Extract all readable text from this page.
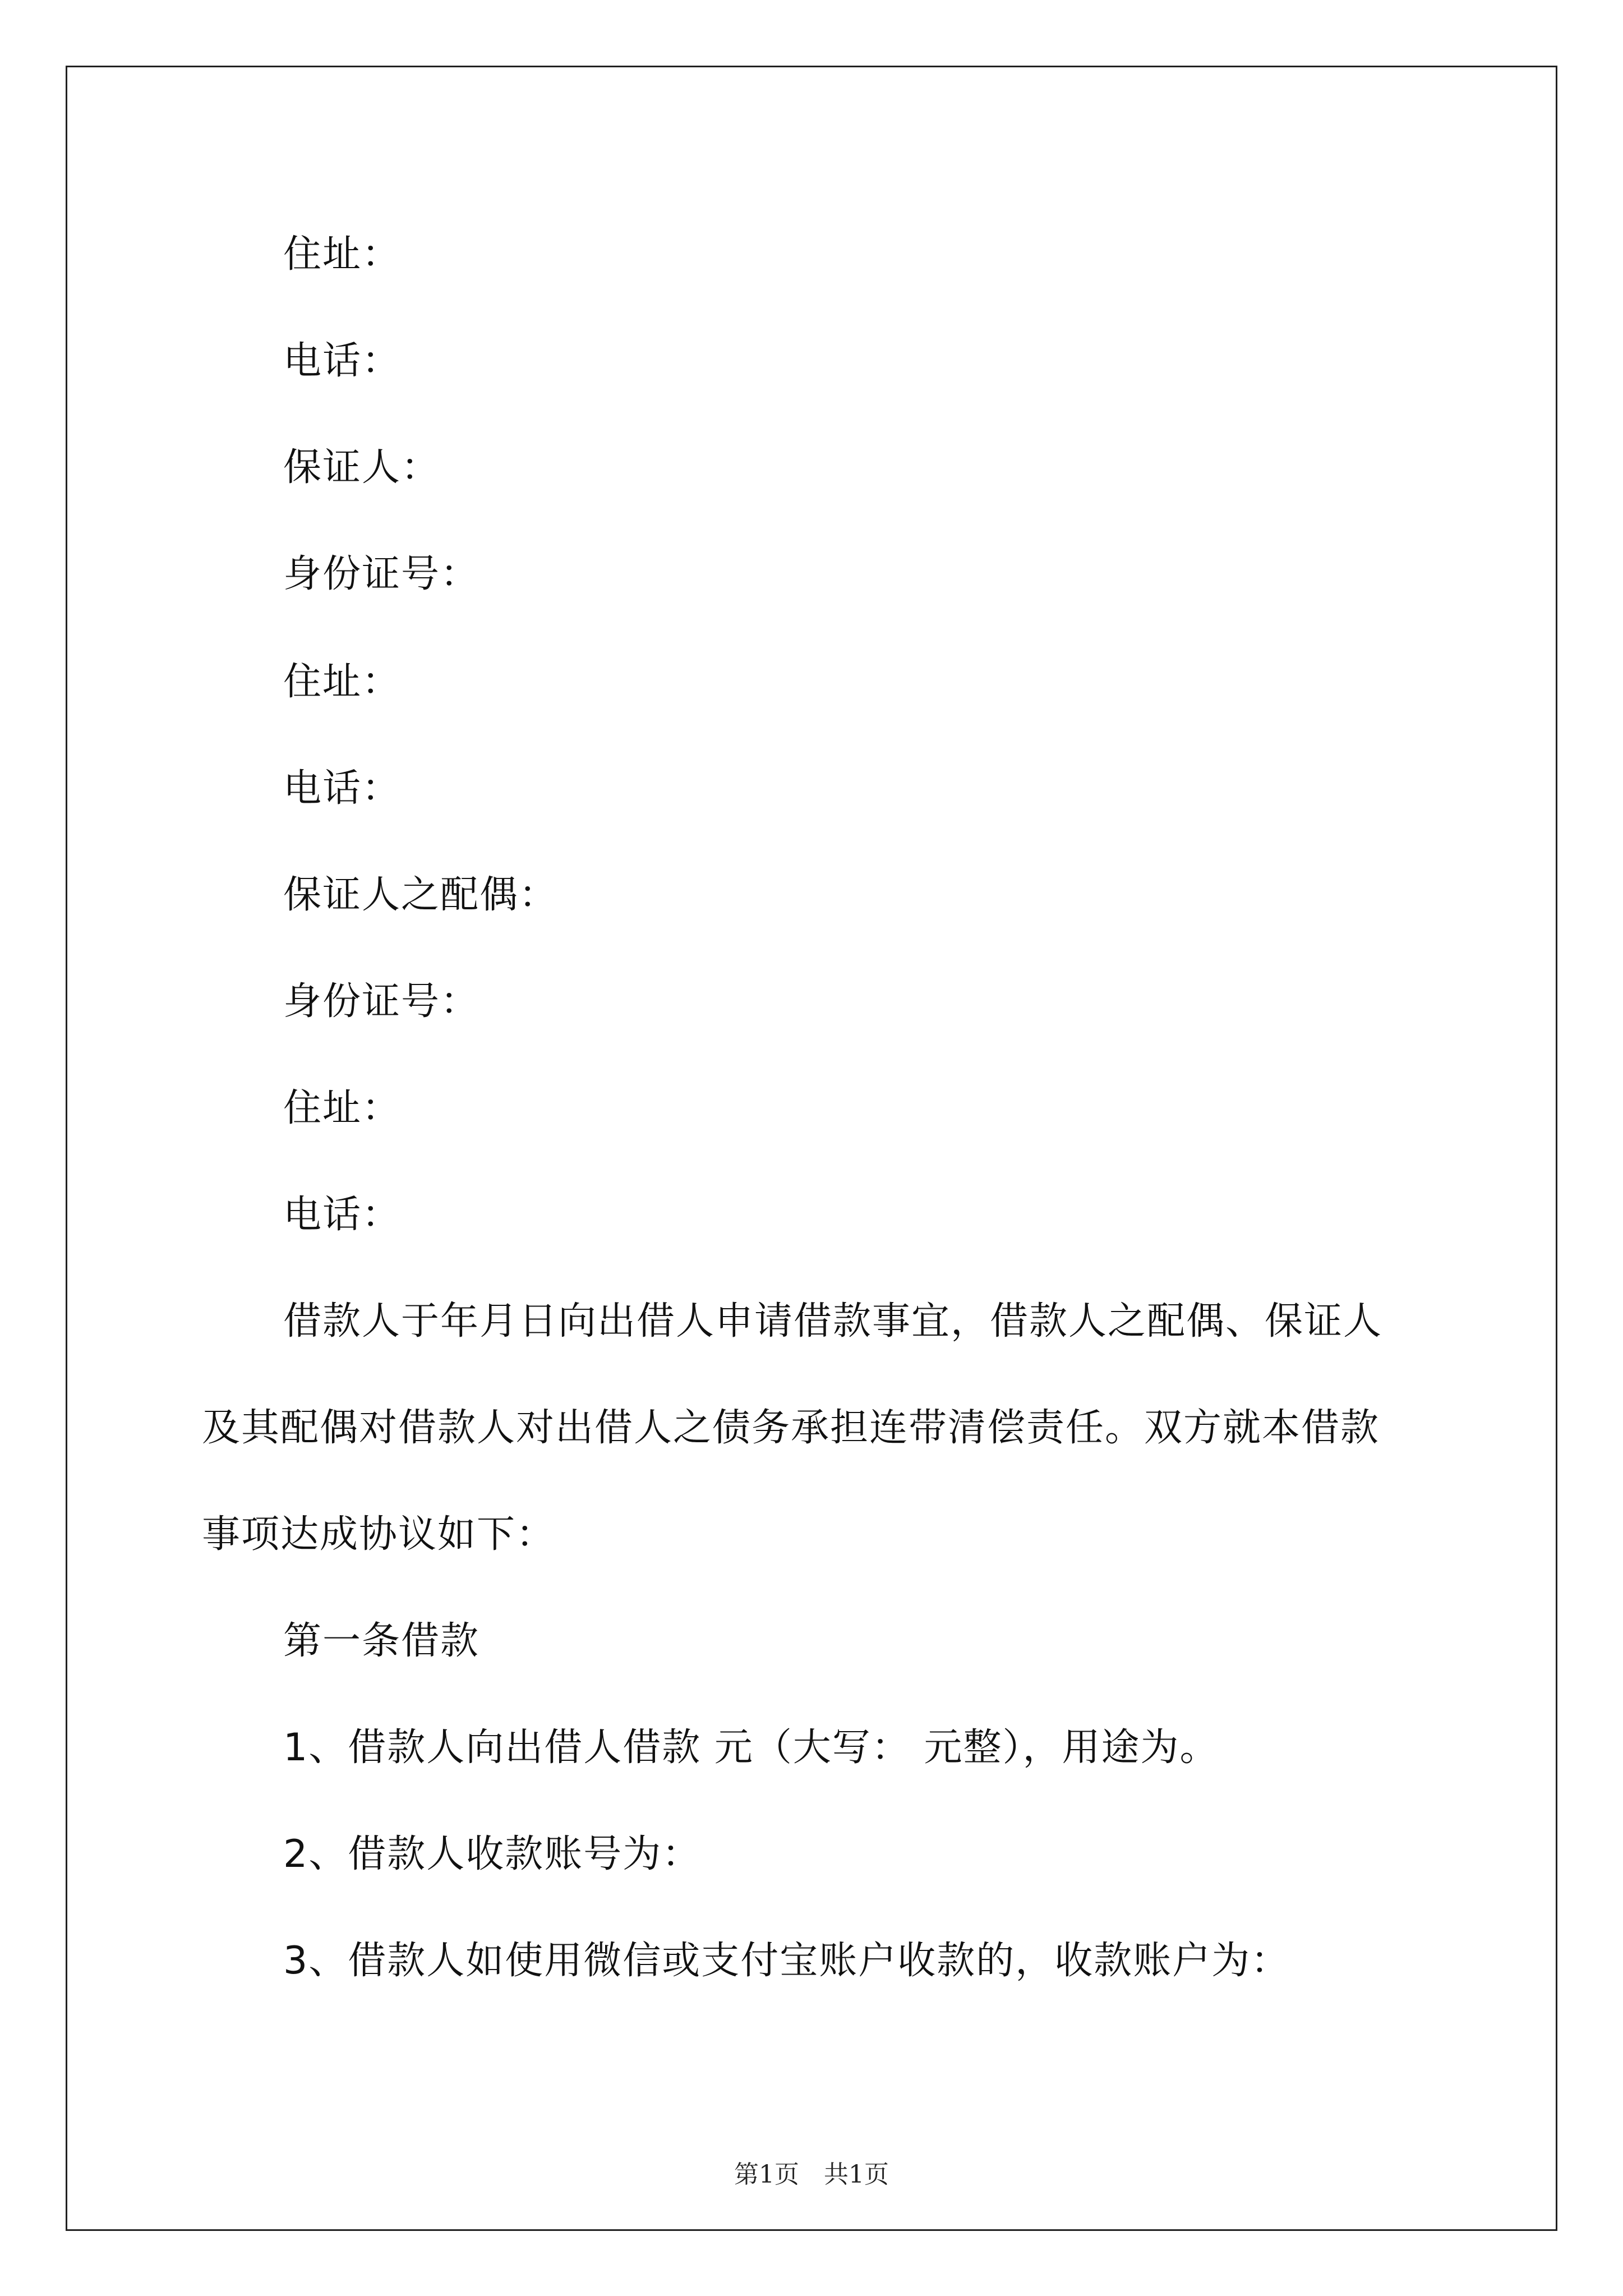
住址：
电话：
保证人：
身份证号：
住址：
电话：
保证人之配偶：
身份证号：
住址：
电话：
借款人于年月日向出借人申请借款事宜，借款人之配偶、保证人
及其配偶对借款人对出借人之债务承担连带清偿责任。双方就本借款
事项达成协议如下：
第一条借款
1、借款人向出借人借款 元（大写： 元整），用途为。
2、借款人收款账号为：
3、借款人如使用微信或支付宝账户收款的，收款账户为：
第1页 共1页
